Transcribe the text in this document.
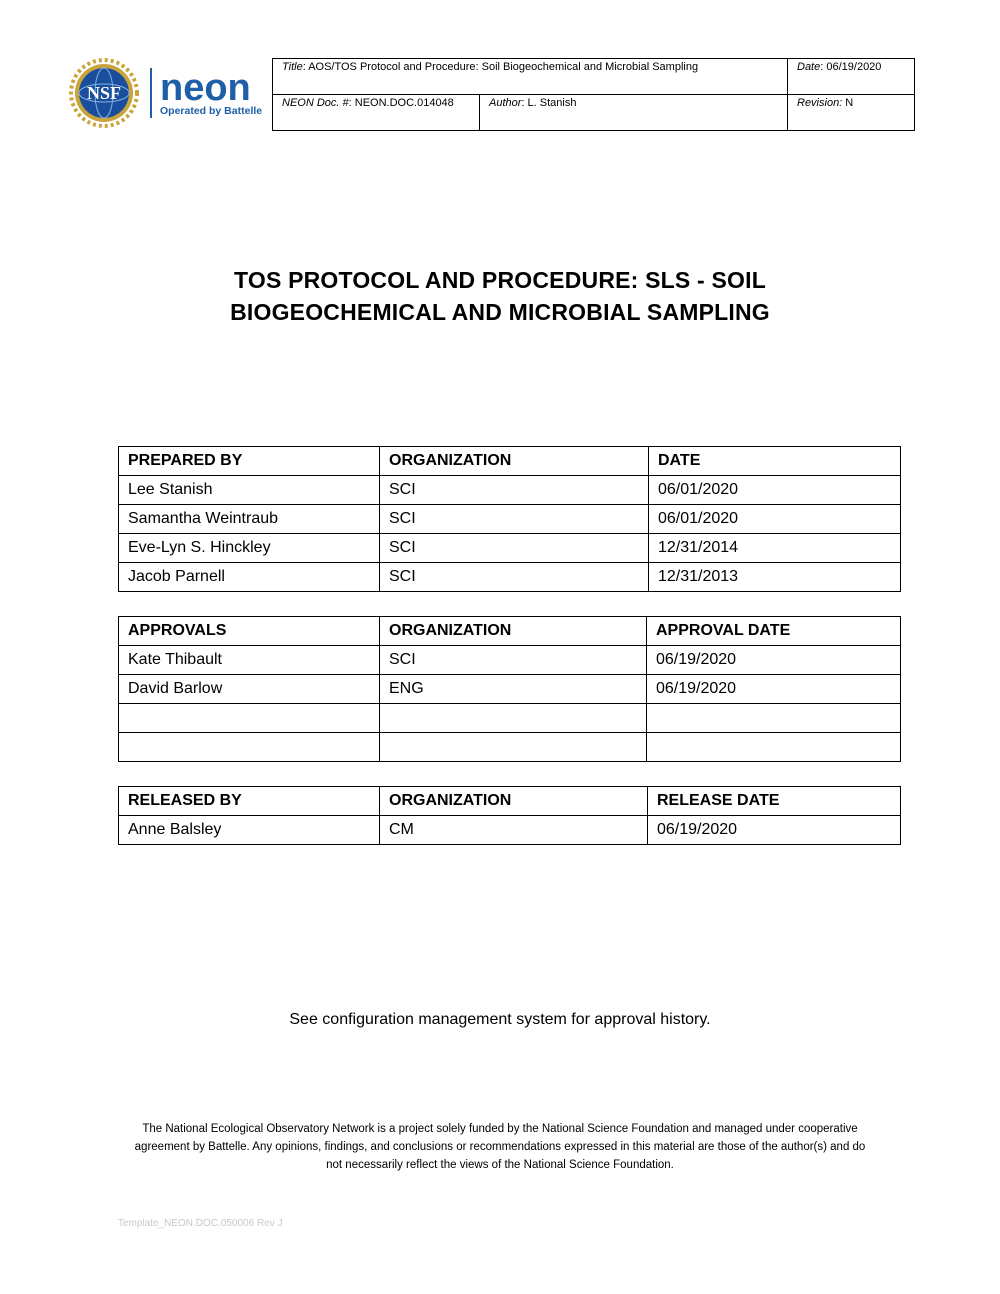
NSF neon
Operated by Battelle
Title: AOS/TOS Protocol and Procedure: Soil Biogeochemical and Microbial Sampling		Date: 06/19/2020
NEON Doc. #: NEON.DOC.014048	Author: L. Stanish	Revision: N
TOS PROTOCOL AND PROCEDURE: SLS - SOIL
BIOGEOCHEMICAL AND MICROBIAL SAMPLING
PREPARED BY	ORGANIZATION	DATE
Lee Stanish	SCI	06/01/2020
Samantha Weintraub	SCI	06/01/2020
Eve-Lyn S. Hinckley	SCI	12/31/2014
Jacob Parnell	SCI	12/31/2013
APPROVALS	ORGANIZATION	APPROVAL DATE
Kate Thibault	SCI	06/19/2020
David Barlow	ENG	06/19/2020

RELEASED BY	ORGANIZATION	RELEASE DATE
Anne Balsley	CM	06/19/2020
See configuration management system for approval history.
The National Ecological Observatory Network is a project solely funded by the National Science Foundation and managed under cooperative
agreement by Battelle. Any opinions, findings, and conclusions or recommendations expressed in this material are those of the author(s) and do
not necessarily reflect the views of the National Science Foundation.
Template_NEON.DOC.050006 Rev J
